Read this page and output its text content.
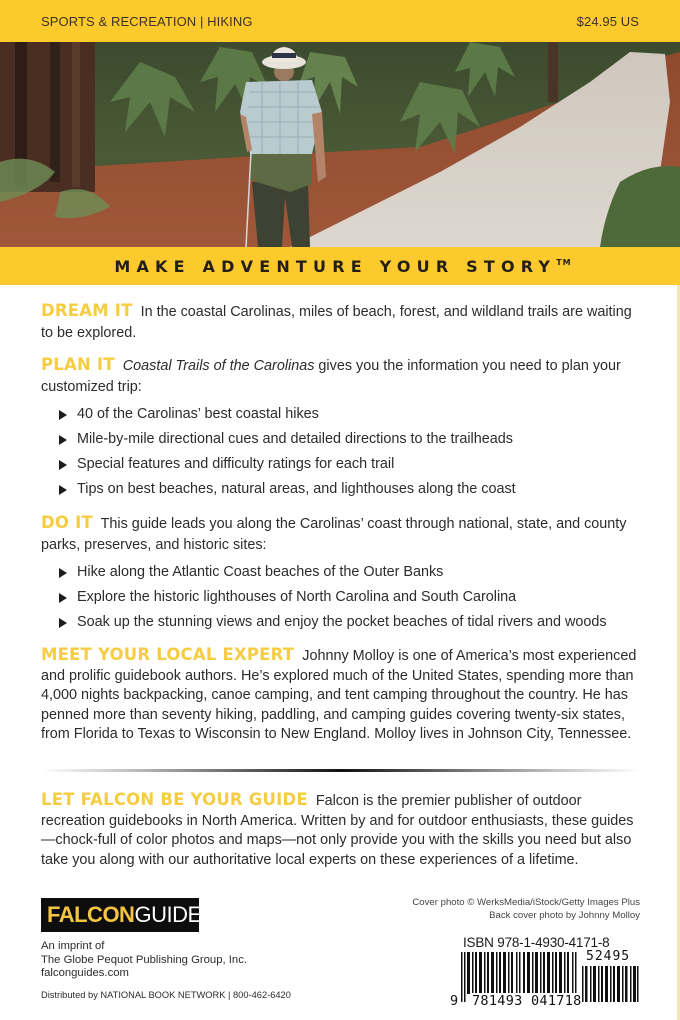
SPORTS & RECREATION | HIKING	$24.95 US
MAKE ADVENTURE YOUR STORY™

DREAM IT In the coastal Carolinas, miles of beach, forest, and wildland trails are waiting to be explored.

PLAN IT Coastal Trails of the Carolinas gives you the information you need to plan your customized trip:

40 of the Carolinas’ best coastal hikes
Mile-by-mile directional cues and detailed directions to the trailheads
Special features and difficulty ratings for each trail
Tips on best beaches, natural areas, and lighthouses along the coast

DO IT This guide leads you along the Carolinas’ coast through national, state, and county parks, preserves, and historic sites:

Hike along the Atlantic Coast beaches of the Outer Banks
Explore the historic lighthouses of North Carolina and South Carolina
Soak up the stunning views and enjoy the pocket beaches of tidal rivers and woods

MEET YOUR LOCAL EXPERT Johnny Molloy is one of America’s most experienced and prolific guidebook authors. He’s explored much of the United States, spending more than 4,000 nights backpacking, canoe camping, and tent camping throughout the country. He has penned more than seventy hiking, paddling, and camping guides covering twenty-six states, from Florida to Texas to Wisconsin to New England. Molloy lives in Johnson City, Tennessee.

LET FALCON BE YOUR GUIDE Falcon is the premier publisher of outdoor recreation guidebooks in North America. Written by and for outdoor enthusiasts, these guides—chock-full of color photos and maps—not only provide you with the skills you need but also take you along with our authoritative local experts on these experiences of a lifetime.
FALCON GUIDES ®
An imprint of
The Globe Pequot Publishing Group, Inc.
falconguides.com
Distributed by NATIONAL BOOK NETWORK | 800-462-6420
Cover photo © WerksMedia/iStock/Getty Images Plus
Back cover photo by Johnny Molloy
ISBN 978-1-4930-4171-8
9 781493 041718
52495
